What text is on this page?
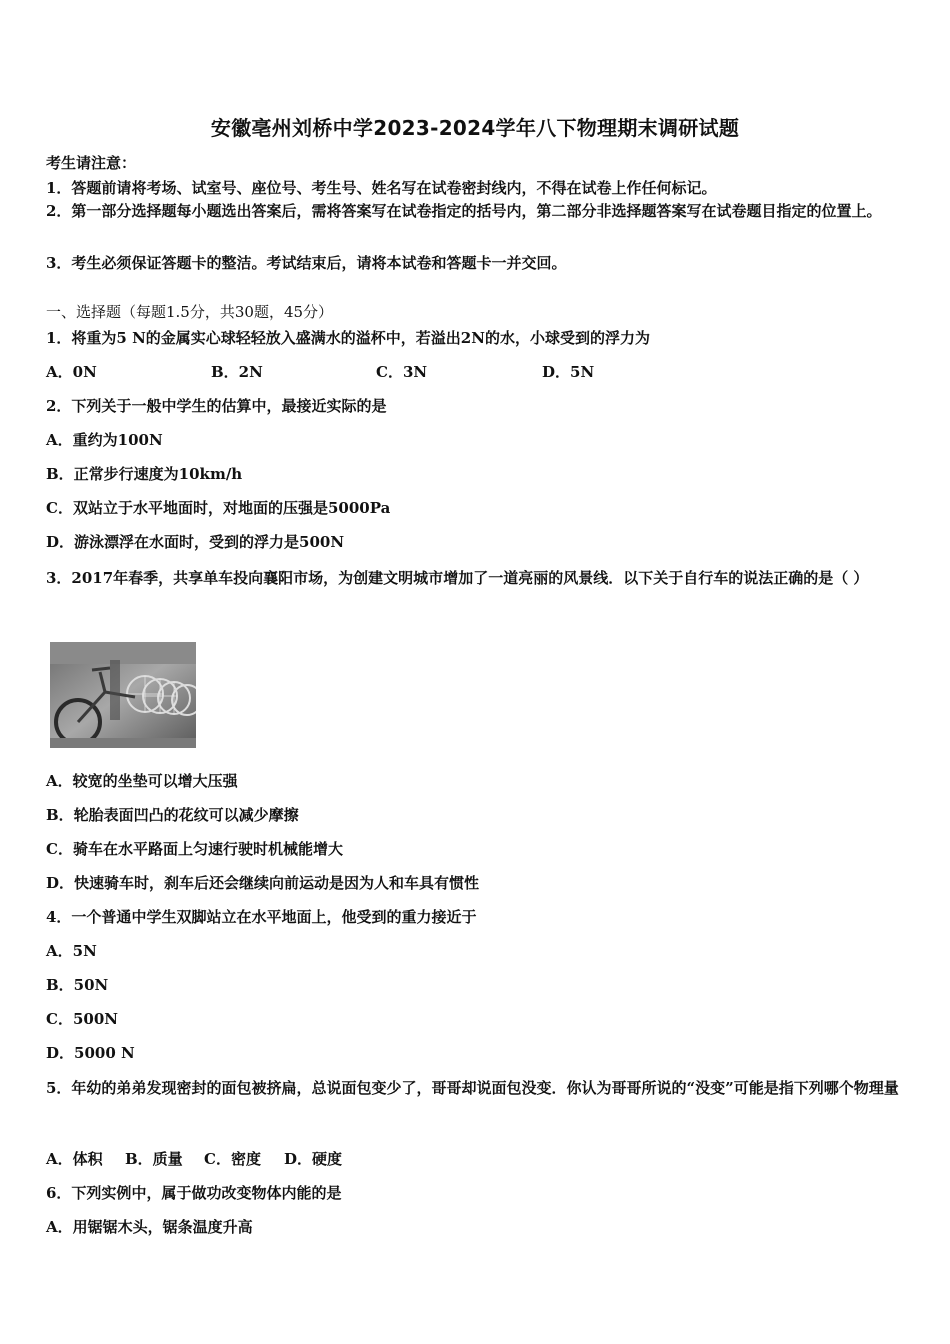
安徽亳州刘桥中学2023-2024学年八下物理期末调研试题
考生请注意：
1．答题前请将考场、试室号、座位号、考生号、姓名写在试卷密封线内，不得在试卷上作任何标记。
2．第一部分选择题每小题选出答案后，需将答案写在试卷指定的括号内，第二部分非选择题答案写在试卷题目指定的位置上。
3．考生必须保证答题卡的整洁。考试结束后，请将本试卷和答题卡一并交回。
一、选择题（每题1.5分，共30题，45分）
1．将重为5 N的金属实心球轻轻放入盛满水的溢杯中，若溢出2N的水，小球受到的浮力为
A．0N	B．2N	C．3N	D．5N
2．下列关于一般中学生的估算中，最接近实际的是
A．重约为100N
B．正常步行速度为10km/h
C．双站立于水平地面时，对地面的压强是5000Pa
D．游泳漂浮在水面时，受到的浮力是500N
3．2017年春季，共享单车投向襄阳市场，为创建文明城市增加了一道亮丽的风景线．以下关于自行车的说法正确的是（ ）
A．较宽的坐垫可以增大压强
B．轮胎表面凹凸的花纹可以减少摩擦
C．骑车在水平路面上匀速行驶时机械能增大
D．快速骑车时，刹车后还会继续向前运动是因为人和车具有惯性
4．一个普通中学生双脚站立在水平地面上，他受到的重力接近于
A．5N
B．50N
C．500N
D．5000 N
5．年幼的弟弟发现密封的面包被挤扁，总说面包变少了，哥哥却说面包没变．你认为哥哥所说的“没变”可能是指下列哪个物理量
A．体积 B．质量 C．密度 D．硬度
6．下列实例中，属于做功改变物体内能的是
A．用锯锯木头，锯条温度升高
